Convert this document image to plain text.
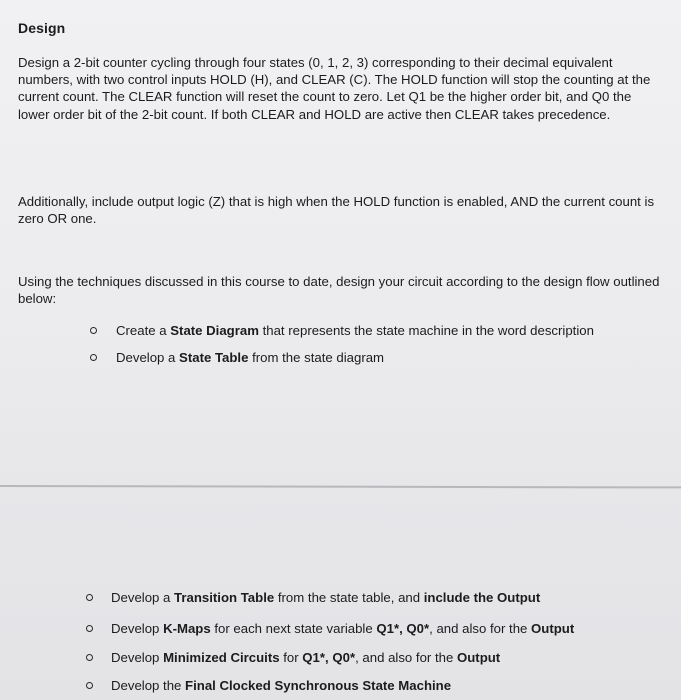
Design
Design a 2-bit counter cycling through four states (0, 1, 2, 3) corresponding to their decimal equivalent numbers, with two control inputs HOLD (H), and CLEAR (C). The HOLD function will stop the counting at the current count. The CLEAR function will reset the count to zero. Let Q1 be the higher order bit, and Q0 the lower order bit of the 2-bit count. If both CLEAR and HOLD are active then CLEAR takes precedence.
Additionally, include output logic (Z) that is high when the HOLD function is enabled, AND the current count is zero OR one.
Using the techniques discussed in this course to date, design your circuit according to the design flow outlined below:
Create a State Diagram that represents the state machine in the word description
Develop a State Table from the state diagram
Develop a Transition Table from the state table, and include the Output
Develop K-Maps for each next state variable Q1*, Q0*, and also for the Output
Develop Minimized Circuits for Q1*, Q0*, and also for the Output
Develop the Final Clocked Synchronous State Machine
